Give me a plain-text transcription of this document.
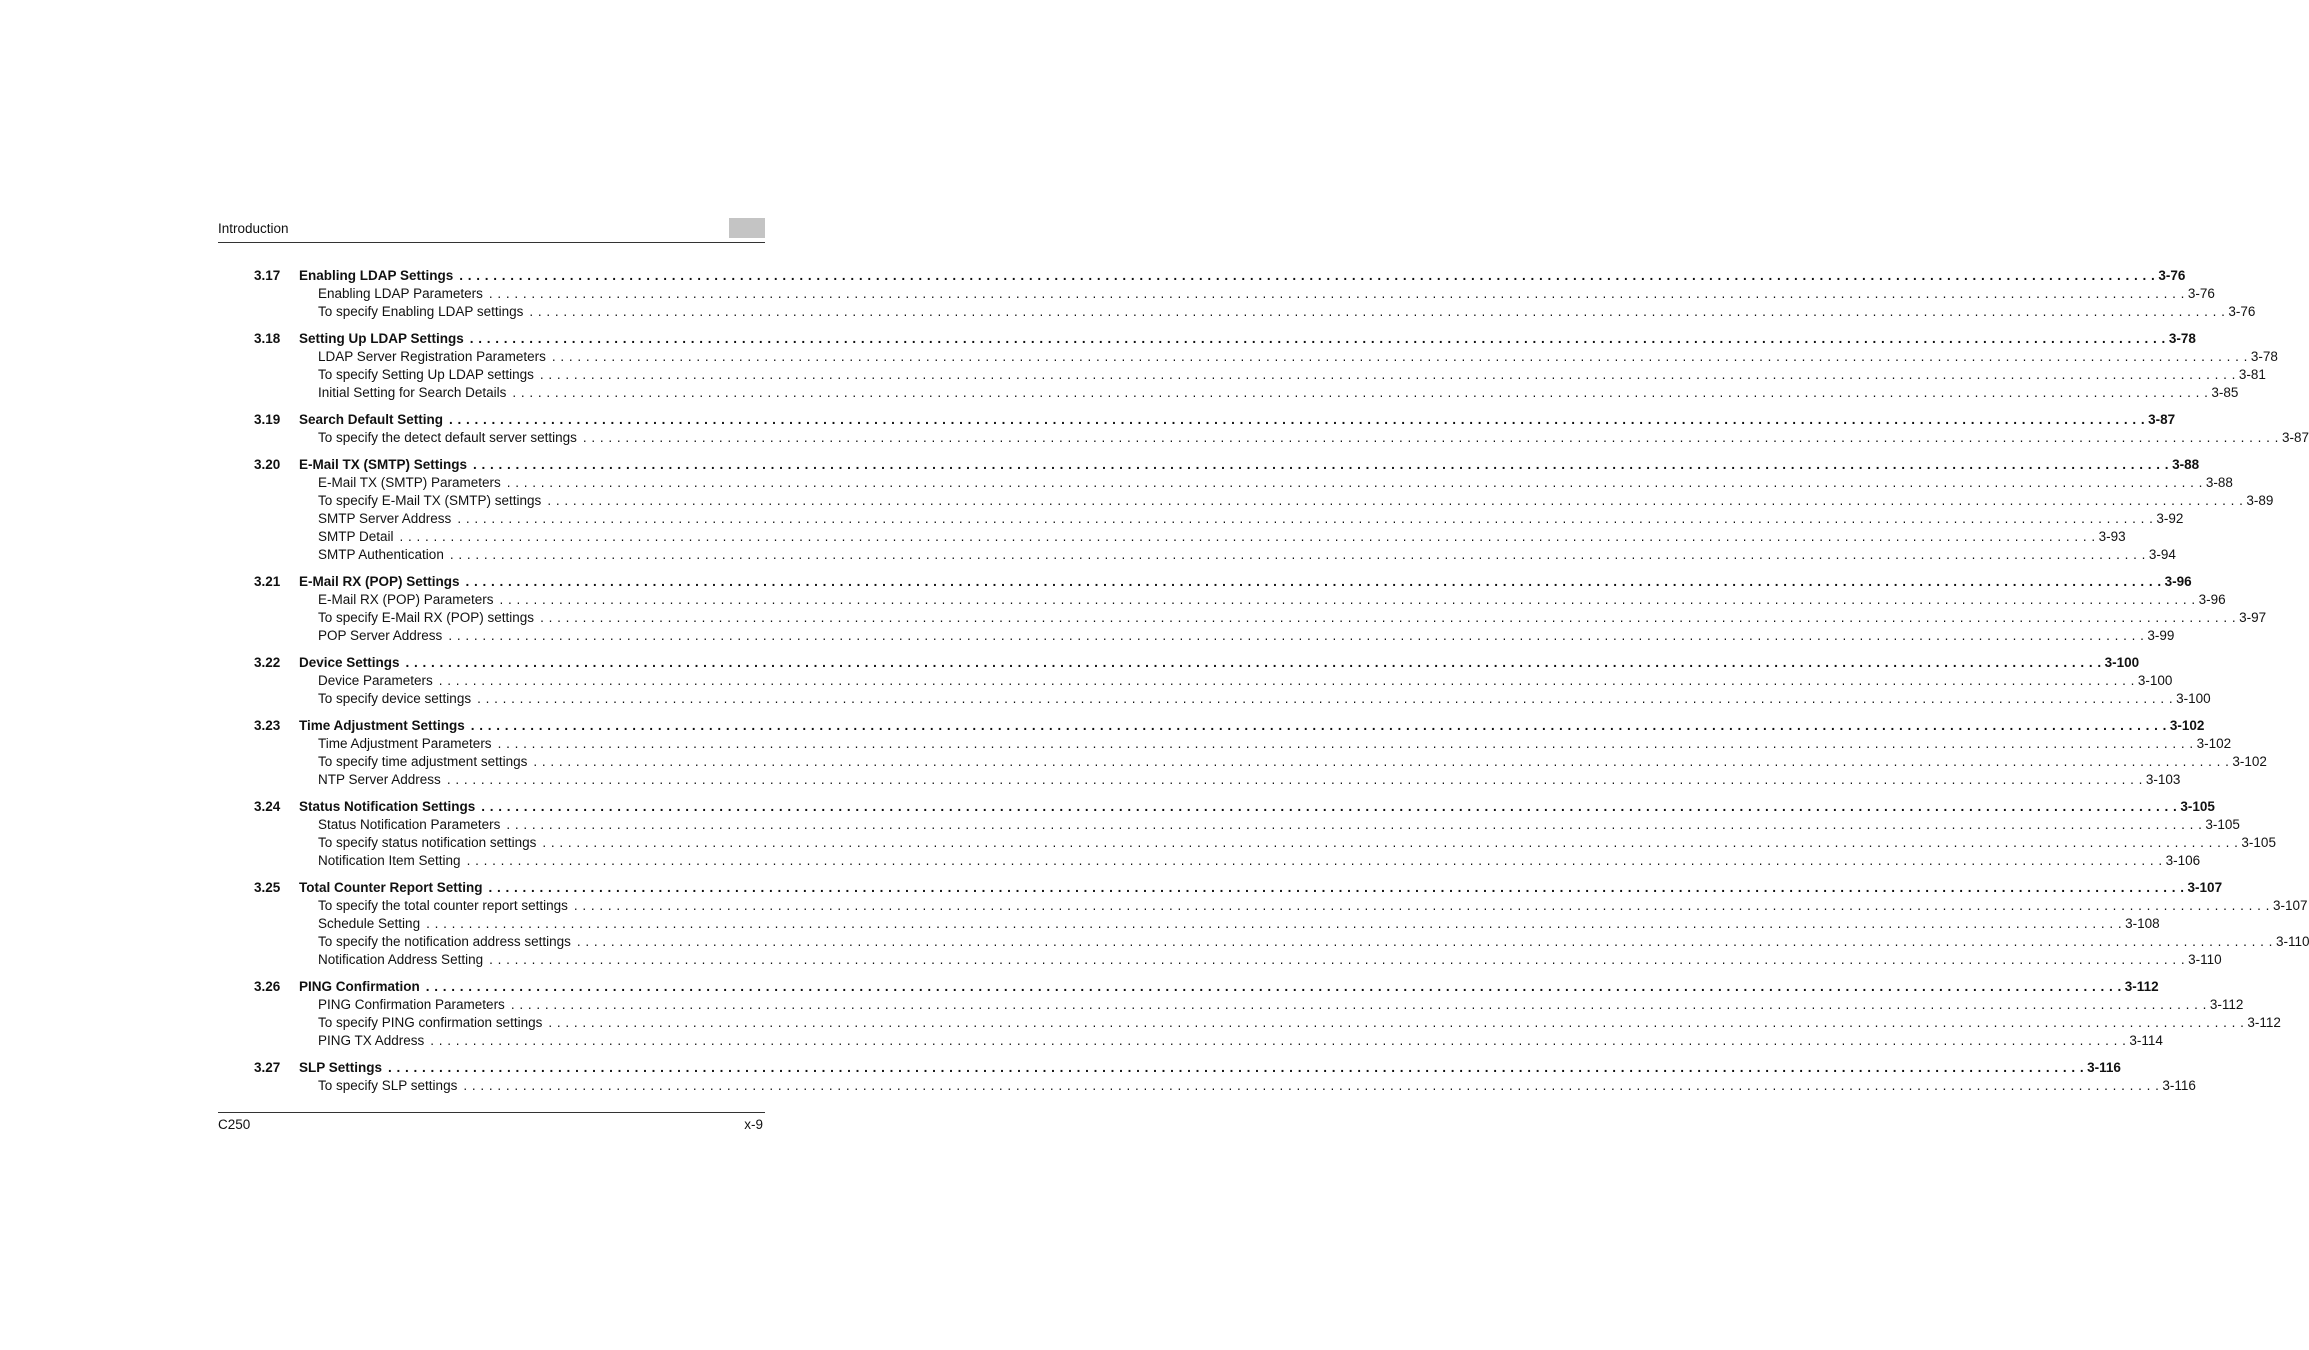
Introduction
3.17	Enabling LDAP Settings . . . . . . . . . . . . . . . . . . . . . . . . . . . . . . . . . . . . . . . . . . . . . . . . . . . . . . . . . . . . . . . . . . . . . . . . . . . . . . . . . . . . . . . . . . . . . . . . . . . . . . . . . . . . . . . . . . . . . . . . . . . . . . . . . . . . . . . . . . . . . . . . . . . . . . . . . . . . . . . . . . . . . . . . . . . . . . . . . . . . . . . . . . . . . . . . . . . . . . . . 3-76
Enabling LDAP Parameters . . . . . . . . . . . . . . . . . . . . . . . . . . . . . . . . . . . . . . . . . . . . . . . . . . . . . . . . . . . . . . . . . . . . . . . . . . . . . . . . . . . . . . . . . . . . . . . . . . . . . . . . . . . . . . . . . . . . . . . . . . . . . . . . . . . . . . . . . . . . . . . . . . . . . . . . . . . . . . . . . . . . . . . . . . . . . . . . . . . . . . . . . . . . . . . . . . . . . . . . 3-76
To specify Enabling LDAP settings . . . . . . . . . . . . . . . . . . . . . . . . . . . . . . . . . . . . . . . . . . . . . . . . . . . . . . . . . . . . . . . . . . . . . . . . . . . . . . . . . . . . . . . . . . . . . . . . . . . . . . . . . . . . . . . . . . . . . . . . . . . . . . . . . . . . . . . . . . . . . . . . . . . . . . . . . . . . . . . . . . . . . . . . . . . . . . . . . . . . . . . . . . . . . . . . . . . . . . . . 3-76
3.18	Setting Up LDAP Settings . . . . . . . . . . . . . . . . . . . . . . . . . . . . . . . . . . . . . . . . . . . . . . . . . . . . . . . . . . . . . . . . . . . . . . . . . . . . . . . . . . . . . . . . . . . . . . . . . . . . . . . . . . . . . . . . . . . . . . . . . . . . . . . . . . . . . . . . . . . . . . . . . . . . . . . . . . . . . . . . . . . . . . . . . . . . . . . . . . . . . . . . . . . . . . . . . . . . . . . . 3-78
LDAP Server Registration Parameters . . . . . . . . . . . . . . . . . . . . . . . . . . . . . . . . . . . . . . . . . . . . . . . . . . . . . . . . . . . . . . . . . . . . . . . . . . . . . . . . . . . . . . . . . . . . . . . . . . . . . . . . . . . . . . . . . . . . . . . . . . . . . . . . . . . . . . . . . . . . . . . . . . . . . . . . . . . . . . . . . . . . . . . . . . . . . . . . . . . . . . . . . . . . . . . . . . . . . . . . 3-78
To specify Setting Up LDAP settings . . . . . . . . . . . . . . . . . . . . . . . . . . . . . . . . . . . . . . . . . . . . . . . . . . . . . . . . . . . . . . . . . . . . . . . . . . . . . . . . . . . . . . . . . . . . . . . . . . . . . . . . . . . . . . . . . . . . . . . . . . . . . . . . . . . . . . . . . . . . . . . . . . . . . . . . . . . . . . . . . . . . . . . . . . . . . . . . . . . . . . . . . . . . . . . . . . . . . . . . 3-81
Initial Setting for Search Details . . . . . . . . . . . . . . . . . . . . . . . . . . . . . . . . . . . . . . . . . . . . . . . . . . . . . . . . . . . . . . . . . . . . . . . . . . . . . . . . . . . . . . . . . . . . . . . . . . . . . . . . . . . . . . . . . . . . . . . . . . . . . . . . . . . . . . . . . . . . . . . . . . . . . . . . . . . . . . . . . . . . . . . . . . . . . . . . . . . . . . . . . . . . . . . . . . . . . . . . 3-85
3.19	Search Default Setting . . . . . . . . . . . . . . . . . . . . . . . . . . . . . . . . . . . . . . . . . . . . . . . . . . . . . . . . . . . . . . . . . . . . . . . . . . . . . . . . . . . . . . . . . . . . . . . . . . . . . . . . . . . . . . . . . . . . . . . . . . . . . . . . . . . . . . . . . . . . . . . . . . . . . . . . . . . . . . . . . . . . . . . . . . . . . . . . . . . . . . . . . . . . . . . . . . . . . . . . 3-87
To specify the detect default server settings . . . . . . . . . . . . . . . . . . . . . . . . . . . . . . . . . . . . . . . . . . . . . . . . . . . . . . . . . . . . . . . . . . . . . . . . . . . . . . . . . . . . . . . . . . . . . . . . . . . . . . . . . . . . . . . . . . . . . . . . . . . . . . . . . . . . . . . . . . . . . . . . . . . . . . . . . . . . . . . . . . . . . . . . . . . . . . . . . . . . . . . . . . . . . . . . . . . . . . . . 3-87
3.20	E-Mail TX (SMTP) Settings . . . . . . . . . . . . . . . . . . . . . . . . . . . . . . . . . . . . . . . . . . . . . . . . . . . . . . . . . . . . . . . . . . . . . . . . . . . . . . . . . . . . . . . . . . . . . . . . . . . . . . . . . . . . . . . . . . . . . . . . . . . . . . . . . . . . . . . . . . . . . . . . . . . . . . . . . . . . . . . . . . . . . . . . . . . . . . . . . . . . . . . . . . . . . . . . . . . . . . . . 3-88
E-Mail TX (SMTP) Parameters . . . . . . . . . . . . . . . . . . . . . . . . . . . . . . . . . . . . . . . . . . . . . . . . . . . . . . . . . . . . . . . . . . . . . . . . . . . . . . . . . . . . . . . . . . . . . . . . . . . . . . . . . . . . . . . . . . . . . . . . . . . . . . . . . . . . . . . . . . . . . . . . . . . . . . . . . . . . . . . . . . . . . . . . . . . . . . . . . . . . . . . . . . . . . . . . . . . . . . . . 3-88
To specify E-Mail TX (SMTP) settings . . . . . . . . . . . . . . . . . . . . . . . . . . . . . . . . . . . . . . . . . . . . . . . . . . . . . . . . . . . . . . . . . . . . . . . . . . . . . . . . . . . . . . . . . . . . . . . . . . . . . . . . . . . . . . . . . . . . . . . . . . . . . . . . . . . . . . . . . . . . . . . . . . . . . . . . . . . . . . . . . . . . . . . . . . . . . . . . . . . . . . . . . . . . . . . . . . . . . . . . 3-89
SMTP Server Address . . . . . . . . . . . . . . . . . . . . . . . . . . . . . . . . . . . . . . . . . . . . . . . . . . . . . . . . . . . . . . . . . . . . . . . . . . . . . . . . . . . . . . . . . . . . . . . . . . . . . . . . . . . . . . . . . . . . . . . . . . . . . . . . . . . . . . . . . . . . . . . . . . . . . . . . . . . . . . . . . . . . . . . . . . . . . . . . . . . . . . . . . . . . . . . . . . . . . . . . 3-92
SMTP Detail . . . . . . . . . . . . . . . . . . . . . . . . . . . . . . . . . . . . . . . . . . . . . . . . . . . . . . . . . . . . . . . . . . . . . . . . . . . . . . . . . . . . . . . . . . . . . . . . . . . . . . . . . . . . . . . . . . . . . . . . . . . . . . . . . . . . . . . . . . . . . . . . . . . . . . . . . . . . . . . . . . . . . . . . . . . . . . . . . . . . . . . . . . . . . . . . . . . . . . . . 3-93
SMTP Authentication . . . . . . . . . . . . . . . . . . . . . . . . . . . . . . . . . . . . . . . . . . . . . . . . . . . . . . . . . . . . . . . . . . . . . . . . . . . . . . . . . . . . . . . . . . . . . . . . . . . . . . . . . . . . . . . . . . . . . . . . . . . . . . . . . . . . . . . . . . . . . . . . . . . . . . . . . . . . . . . . . . . . . . . . . . . . . . . . . . . . . . . . . . . . . . . . . . . . . . . . 3-94
3.21	E-Mail RX (POP) Settings . . . . . . . . . . . . . . . . . . . . . . . . . . . . . . . . . . . . . . . . . . . . . . . . . . . . . . . . . . . . . . . . . . . . . . . . . . . . . . . . . . . . . . . . . . . . . . . . . . . . . . . . . . . . . . . . . . . . . . . . . . . . . . . . . . . . . . . . . . . . . . . . . . . . . . . . . . . . . . . . . . . . . . . . . . . . . . . . . . . . . . . . . . . . . . . . . . . . . . . . 3-96
E-Mail RX (POP) Parameters . . . . . . . . . . . . . . . . . . . . . . . . . . . . . . . . . . . . . . . . . . . . . . . . . . . . . . . . . . . . . . . . . . . . . . . . . . . . . . . . . . . . . . . . . . . . . . . . . . . . . . . . . . . . . . . . . . . . . . . . . . . . . . . . . . . . . . . . . . . . . . . . . . . . . . . . . . . . . . . . . . . . . . . . . . . . . . . . . . . . . . . . . . . . . . . . . . . . . . . . 3-96
To specify E-Mail RX (POP) settings . . . . . . . . . . . . . . . . . . . . . . . . . . . . . . . . . . . . . . . . . . . . . . . . . . . . . . . . . . . . . . . . . . . . . . . . . . . . . . . . . . . . . . . . . . . . . . . . . . . . . . . . . . . . . . . . . . . . . . . . . . . . . . . . . . . . . . . . . . . . . . . . . . . . . . . . . . . . . . . . . . . . . . . . . . . . . . . . . . . . . . . . . . . . . . . . . . . . . . . . 3-97
POP Server Address . . . . . . . . . . . . . . . . . . . . . . . . . . . . . . . . . . . . . . . . . . . . . . . . . . . . . . . . . . . . . . . . . . . . . . . . . . . . . . . . . . . . . . . . . . . . . . . . . . . . . . . . . . . . . . . . . . . . . . . . . . . . . . . . . . . . . . . . . . . . . . . . . . . . . . . . . . . . . . . . . . . . . . . . . . . . . . . . . . . . . . . . . . . . . . . . . . . . . . . . 3-99
3.22	Device Settings . . . . . . . . . . . . . . . . . . . . . . . . . . . . . . . . . . . . . . . . . . . . . . . . . . . . . . . . . . . . . . . . . . . . . . . . . . . . . . . . . . . . . . . . . . . . . . . . . . . . . . . . . . . . . . . . . . . . . . . . . . . . . . . . . . . . . . . . . . . . . . . . . . . . . . . . . . . . . . . . . . . . . . . . . . . . . . . . . . . . . . . . . . . . . . . . . . . . . . . . 3-100
Device Parameters . . . . . . . . . . . . . . . . . . . . . . . . . . . . . . . . . . . . . . . . . . . . . . . . . . . . . . . . . . . . . . . . . . . . . . . . . . . . . . . . . . . . . . . . . . . . . . . . . . . . . . . . . . . . . . . . . . . . . . . . . . . . . . . . . . . . . . . . . . . . . . . . . . . . . . . . . . . . . . . . . . . . . . . . . . . . . . . . . . . . . . . . . . . . . . . . . . . . . . . . 3-100
To specify device settings . . . . . . . . . . . . . . . . . . . . . . . . . . . . . . . . . . . . . . . . . . . . . . . . . . . . . . . . . . . . . . . . . . . . . . . . . . . . . . . . . . . . . . . . . . . . . . . . . . . . . . . . . . . . . . . . . . . . . . . . . . . . . . . . . . . . . . . . . . . . . . . . . . . . . . . . . . . . . . . . . . . . . . . . . . . . . . . . . . . . . . . . . . . . . . . . . . . . . . . . 3-100
3.23	Time Adjustment Settings . . . . . . . . . . . . . . . . . . . . . . . . . . . . . . . . . . . . . . . . . . . . . . . . . . . . . . . . . . . . . . . . . . . . . . . . . . . . . . . . . . . . . . . . . . . . . . . . . . . . . . . . . . . . . . . . . . . . . . . . . . . . . . . . . . . . . . . . . . . . . . . . . . . . . . . . . . . . . . . . . . . . . . . . . . . . . . . . . . . . . . . . . . . . . . . . . . . . . . . . 3-102
Time Adjustment Parameters . . . . . . . . . . . . . . . . . . . . . . . . . . . . . . . . . . . . . . . . . . . . . . . . . . . . . . . . . . . . . . . . . . . . . . . . . . . . . . . . . . . . . . . . . . . . . . . . . . . . . . . . . . . . . . . . . . . . . . . . . . . . . . . . . . . . . . . . . . . . . . . . . . . . . . . . . . . . . . . . . . . . . . . . . . . . . . . . . . . . . . . . . . . . . . . . . . . . . . . . 3-102
To specify time adjustment settings . . . . . . . . . . . . . . . . . . . . . . . . . . . . . . . . . . . . . . . . . . . . . . . . . . . . . . . . . . . . . . . . . . . . . . . . . . . . . . . . . . . . . . . . . . . . . . . . . . . . . . . . . . . . . . . . . . . . . . . . . . . . . . . . . . . . . . . . . . . . . . . . . . . . . . . . . . . . . . . . . . . . . . . . . . . . . . . . . . . . . . . . . . . . . . . . . . . . . . . . 3-102
NTP Server Address . . . . . . . . . . . . . . . . . . . . . . . . . . . . . . . . . . . . . . . . . . . . . . . . . . . . . . . . . . . . . . . . . . . . . . . . . . . . . . . . . . . . . . . . . . . . . . . . . . . . . . . . . . . . . . . . . . . . . . . . . . . . . . . . . . . . . . . . . . . . . . . . . . . . . . . . . . . . . . . . . . . . . . . . . . . . . . . . . . . . . . . . . . . . . . . . . . . . . . . . 3-103
3.24	Status Notification Settings . . . . . . . . . . . . . . . . . . . . . . . . . . . . . . . . . . . . . . . . . . . . . . . . . . . . . . . . . . . . . . . . . . . . . . . . . . . . . . . . . . . . . . . . . . . . . . . . . . . . . . . . . . . . . . . . . . . . . . . . . . . . . . . . . . . . . . . . . . . . . . . . . . . . . . . . . . . . . . . . . . . . . . . . . . . . . . . . . . . . . . . . . . . . . . . . . . . . . . . . 3-105
Status Notification Parameters . . . . . . . . . . . . . . . . . . . . . . . . . . . . . . . . . . . . . . . . . . . . . . . . . . . . . . . . . . . . . . . . . . . . . . . . . . . . . . . . . . . . . . . . . . . . . . . . . . . . . . . . . . . . . . . . . . . . . . . . . . . . . . . . . . . . . . . . . . . . . . . . . . . . . . . . . . . . . . . . . . . . . . . . . . . . . . . . . . . . . . . . . . . . . . . . . . . . . . . . 3-105
To specify status notification settings . . . . . . . . . . . . . . . . . . . . . . . . . . . . . . . . . . . . . . . . . . . . . . . . . . . . . . . . . . . . . . . . . . . . . . . . . . . . . . . . . . . . . . . . . . . . . . . . . . . . . . . . . . . . . . . . . . . . . . . . . . . . . . . . . . . . . . . . . . . . . . . . . . . . . . . . . . . . . . . . . . . . . . . . . . . . . . . . . . . . . . . . . . . . . . . . . . . . . . . . 3-105
Notification Item Setting . . . . . . . . . . . . . . . . . . . . . . . . . . . . . . . . . . . . . . . . . . . . . . . . . . . . . . . . . . . . . . . . . . . . . . . . . . . . . . . . . . . . . . . . . . . . . . . . . . . . . . . . . . . . . . . . . . . . . . . . . . . . . . . . . . . . . . . . . . . . . . . . . . . . . . . . . . . . . . . . . . . . . . . . . . . . . . . . . . . . . . . . . . . . . . . . . . . . . . . . 3-106
3.25	Total Counter Report Setting . . . . . . . . . . . . . . . . . . . . . . . . . . . . . . . . . . . . . . . . . . . . . . . . . . . . . . . . . . . . . . . . . . . . . . . . . . . . . . . . . . . . . . . . . . . . . . . . . . . . . . . . . . . . . . . . . . . . . . . . . . . . . . . . . . . . . . . . . . . . . . . . . . . . . . . . . . . . . . . . . . . . . . . . . . . . . . . . . . . . . . . . . . . . . . . . . . . . . . . . 3-107
To specify the total counter report settings . . . . . . . . . . . . . . . . . . . . . . . . . . . . . . . . . . . . . . . . . . . . . . . . . . . . . . . . . . . . . . . . . . . . . . . . . . . . . . . . . . . . . . . . . . . . . . . . . . . . . . . . . . . . . . . . . . . . . . . . . . . . . . . . . . . . . . . . . . . . . . . . . . . . . . . . . . . . . . . . . . . . . . . . . . . . . . . . . . . . . . . . . . . . . . . . . . . . . . . . 3-107
Schedule Setting . . . . . . . . . . . . . . . . . . . . . . . . . . . . . . . . . . . . . . . . . . . . . . . . . . . . . . . . . . . . . . . . . . . . . . . . . . . . . . . . . . . . . . . . . . . . . . . . . . . . . . . . . . . . . . . . . . . . . . . . . . . . . . . . . . . . . . . . . . . . . . . . . . . . . . . . . . . . . . . . . . . . . . . . . . . . . . . . . . . . . . . . . . . . . . . . . . . . . . . . 3-108
To specify the notification address settings . . . . . . . . . . . . . . . . . . . . . . . . . . . . . . . . . . . . . . . . . . . . . . . . . . . . . . . . . . . . . . . . . . . . . . . . . . . . . . . . . . . . . . . . . . . . . . . . . . . . . . . . . . . . . . . . . . . . . . . . . . . . . . . . . . . . . . . . . . . . . . . . . . . . . . . . . . . . . . . . . . . . . . . . . . . . . . . . . . . . . . . . . . . . . . . . . . . . . . . . 3-110
Notification Address Setting . . . . . . . . . . . . . . . . . . . . . . . . . . . . . . . . . . . . . . . . . . . . . . . . . . . . . . . . . . . . . . . . . . . . . . . . . . . . . . . . . . . . . . . . . . . . . . . . . . . . . . . . . . . . . . . . . . . . . . . . . . . . . . . . . . . . . . . . . . . . . . . . . . . . . . . . . . . . . . . . . . . . . . . . . . . . . . . . . . . . . . . . . . . . . . . . . . . . . . . . 3-110
3.26	PING Confirmation . . . . . . . . . . . . . . . . . . . . . . . . . . . . . . . . . . . . . . . . . . . . . . . . . . . . . . . . . . . . . . . . . . . . . . . . . . . . . . . . . . . . . . . . . . . . . . . . . . . . . . . . . . . . . . . . . . . . . . . . . . . . . . . . . . . . . . . . . . . . . . . . . . . . . . . . . . . . . . . . . . . . . . . . . . . . . . . . . . . . . . . . . . . . . . . . . . . . . . . . 3-112
PING Confirmation Parameters . . . . . . . . . . . . . . . . . . . . . . . . . . . . . . . . . . . . . . . . . . . . . . . . . . . . . . . . . . . . . . . . . . . . . . . . . . . . . . . . . . . . . . . . . . . . . . . . . . . . . . . . . . . . . . . . . . . . . . . . . . . . . . . . . . . . . . . . . . . . . . . . . . . . . . . . . . . . . . . . . . . . . . . . . . . . . . . . . . . . . . . . . . . . . . . . . . . . . . . . 3-112
To specify PING confirmation settings . . . . . . . . . . . . . . . . . . . . . . . . . . . . . . . . . . . . . . . . . . . . . . . . . . . . . . . . . . . . . . . . . . . . . . . . . . . . . . . . . . . . . . . . . . . . . . . . . . . . . . . . . . . . . . . . . . . . . . . . . . . . . . . . . . . . . . . . . . . . . . . . . . . . . . . . . . . . . . . . . . . . . . . . . . . . . . . . . . . . . . . . . . . . . . . . . . . . . . . . 3-112
PING TX Address . . . . . . . . . . . . . . . . . . . . . . . . . . . . . . . . . . . . . . . . . . . . . . . . . . . . . . . . . . . . . . . . . . . . . . . . . . . . . . . . . . . . . . . . . . . . . . . . . . . . . . . . . . . . . . . . . . . . . . . . . . . . . . . . . . . . . . . . . . . . . . . . . . . . . . . . . . . . . . . . . . . . . . . . . . . . . . . . . . . . . . . . . . . . . . . . . . . . . . . . 3-114
3.27	SLP Settings . . . . . . . . . . . . . . . . . . . . . . . . . . . . . . . . . . . . . . . . . . . . . . . . . . . . . . . . . . . . . . . . . . . . . . . . . . . . . . . . . . . . . . . . . . . . . . . . . . . . . . . . . . . . . . . . . . . . . . . . . . . . . . . . . . . . . . . . . . . . . . . . . . . . . . . . . . . . . . . . . . . . . . . . . . . . . . . . . . . . . . . . . . . . . . . . . . . . . . . . 3-116
To specify SLP settings . . . . . . . . . . . . . . . . . . . . . . . . . . . . . . . . . . . . . . . . . . . . . . . . . . . . . . . . . . . . . . . . . . . . . . . . . . . . . . . . . . . . . . . . . . . . . . . . . . . . . . . . . . . . . . . . . . . . . . . . . . . . . . . . . . . . . . . . . . . . . . . . . . . . . . . . . . . . . . . . . . . . . . . . . . . . . . . . . . . . . . . . . . . . . . . . . . . . . . . . 3-116
C250	x-9
